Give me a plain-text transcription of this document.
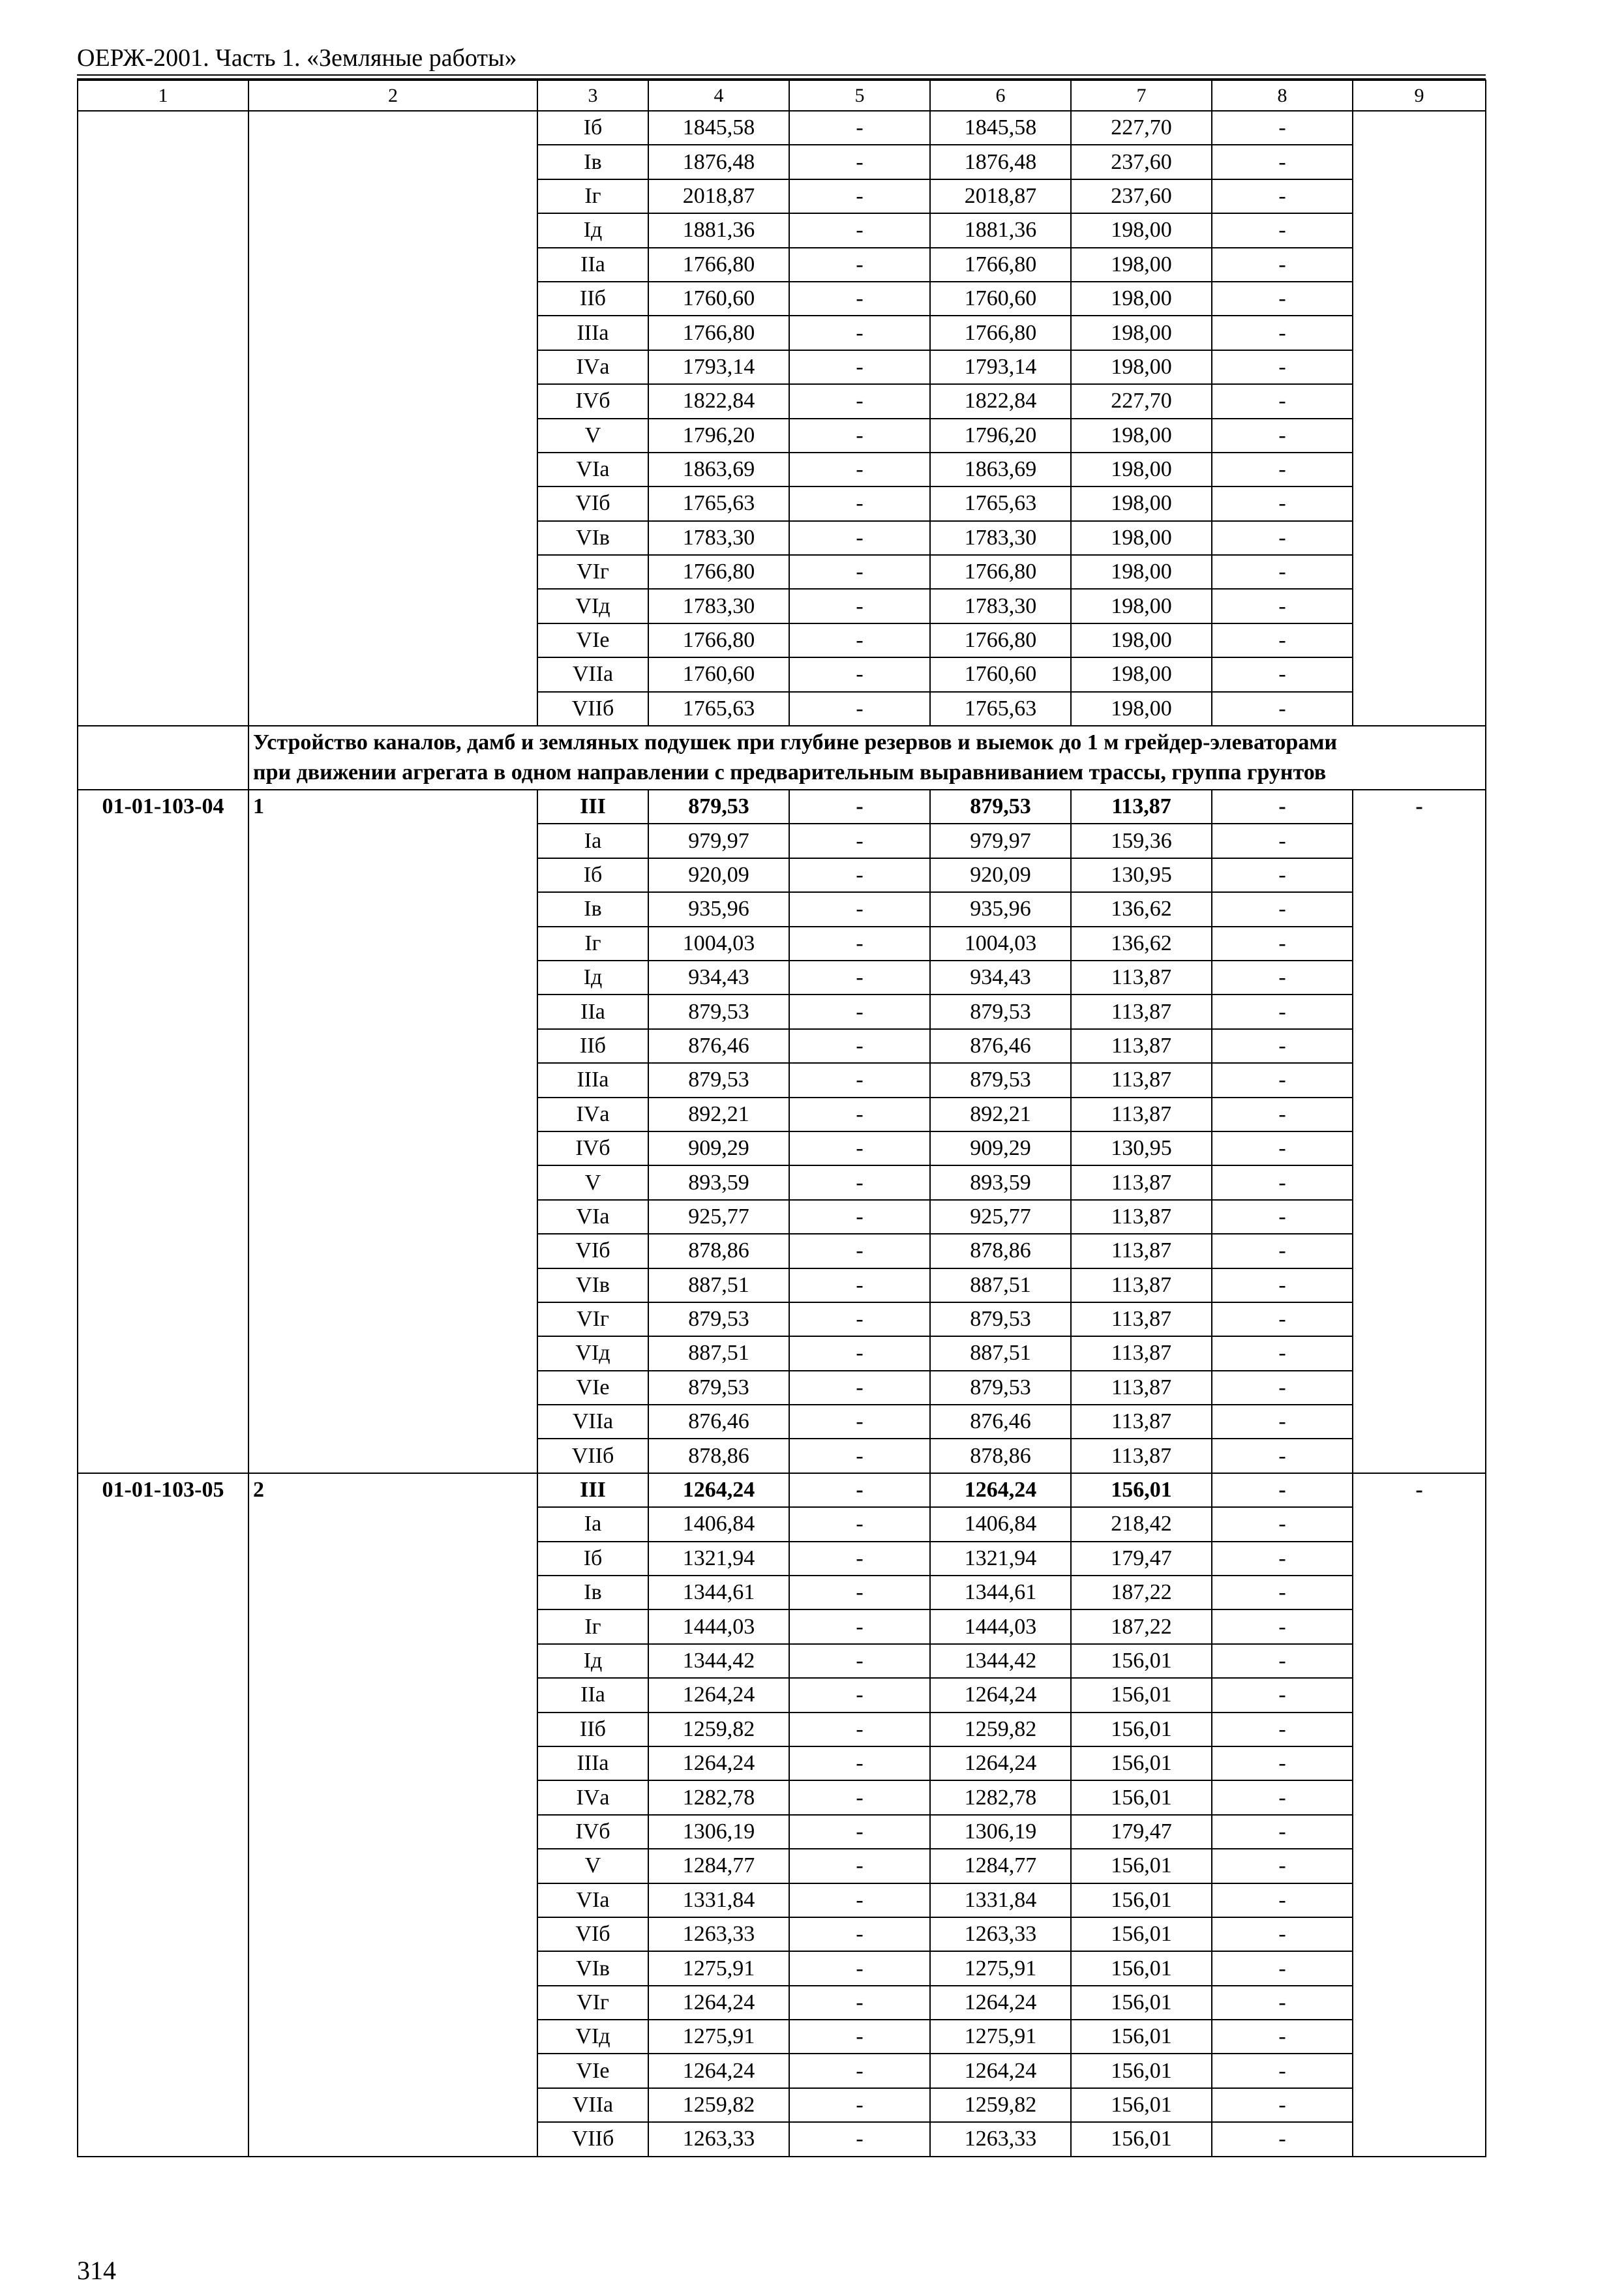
ОЕРЖ-2001. Часть 1. «Земляные работы»
1	2	3	4	5	6	7	8	9
		Iб	1845,58	-	1845,58	227,70	-	
		Iв	1876,48	-	1876,48	237,60	-	
		Iг	2018,87	-	2018,87	237,60	-	
		Iд	1881,36	-	1881,36	198,00	-	
		IIа	1766,80	-	1766,80	198,00	-	
		IIб	1760,60	-	1760,60	198,00	-	
		IIIа	1766,80	-	1766,80	198,00	-	
		IVа	1793,14	-	1793,14	198,00	-	
		IVб	1822,84	-	1822,84	227,70	-	
		V	1796,20	-	1796,20	198,00	-	
		VIа	1863,69	-	1863,69	198,00	-	
		VIб	1765,63	-	1765,63	198,00	-	
		VIв	1783,30	-	1783,30	198,00	-	
		VIг	1766,80	-	1766,80	198,00	-	
		VIд	1783,30	-	1783,30	198,00	-	
		VIе	1766,80	-	1766,80	198,00	-	
		VIIа	1760,60	-	1760,60	198,00	-	
		VIIб	1765,63	-	1765,63	198,00	-	

	Устройство каналов, дамб и земляных подушек при глубине резервов и выемок до 1 м грейдер-элеваторами
при движении агрегата в одном направлении с предварительным выравниванием трассы, группа грунтов							

01-01-103-04	1	III	879,53	-	879,53	113,87	-	-
		Iа	979,97	-	979,97	159,36	-	
		Iб	920,09	-	920,09	130,95	-	
		Iв	935,96	-	935,96	136,62	-	
		Iг	1004,03	-	1004,03	136,62	-	
		Iд	934,43	-	934,43	113,87	-	
		IIа	879,53	-	879,53	113,87	-	
		IIб	876,46	-	876,46	113,87	-	
		IIIа	879,53	-	879,53	113,87	-	
		IVа	892,21	-	892,21	113,87	-	
		IVб	909,29	-	909,29	130,95	-	
		V	893,59	-	893,59	113,87	-	
		VIа	925,77	-	925,77	113,87	-	
		VIб	878,86	-	878,86	113,87	-	
		VIв	887,51	-	887,51	113,87	-	
		VIг	879,53	-	879,53	113,87	-	
		VIд	887,51	-	887,51	113,87	-	
		VIе	879,53	-	879,53	113,87	-	
		VIIа	876,46	-	876,46	113,87	-	
		VIIб	878,86	-	878,86	113,87	-	
01-01-103-05	2	III	1264,24	-	1264,24	156,01	-	-
		Iа	1406,84	-	1406,84	218,42	-	
		Iб	1321,94	-	1321,94	179,47	-	
		Iв	1344,61	-	1344,61	187,22	-	
		Iг	1444,03	-	1444,03	187,22	-	
		Iд	1344,42	-	1344,42	156,01	-	
		IIа	1264,24	-	1264,24	156,01	-	
		IIб	1259,82	-	1259,82	156,01	-	
		IIIа	1264,24	-	1264,24	156,01	-	
		IVа	1282,78	-	1282,78	156,01	-	
		IVб	1306,19	-	1306,19	179,47	-	
		V	1284,77	-	1284,77	156,01	-	
		VIа	1331,84	-	1331,84	156,01	-	
		VIб	1263,33	-	1263,33	156,01	-	
		VIв	1275,91	-	1275,91	156,01	-	
		VIг	1264,24	-	1264,24	156,01	-	
		VIд	1275,91	-	1275,91	156,01	-	
		VIе	1264,24	-	1264,24	156,01	-	
		VIIа	1259,82	-	1259,82	156,01	-	
		VIIб	1263,33	-	1263,33	156,01	-	
314
